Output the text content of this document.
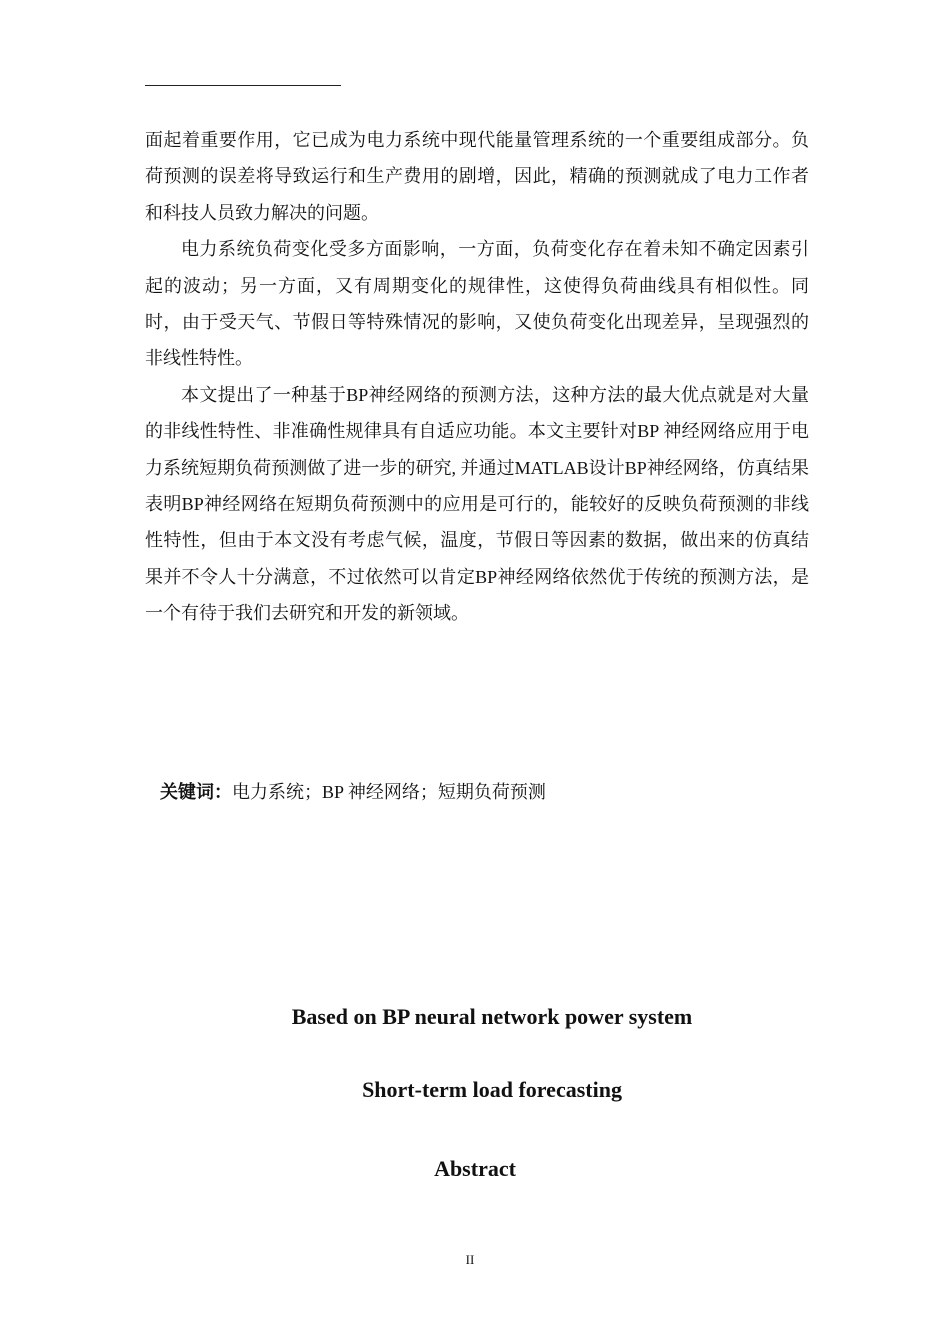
面起着重要作用，它已成为电力系统中现代能量管理系统的一个重要组成部分。负荷预测的误差将导致运行和生产费用的剧增，因此，精确的预测就成了电力工作者和科技人员致力解决的问题。

电力系统负荷变化受多方面影响，一方面，负荷变化存在着未知不确定因素引起的波动；另一方面，又有周期变化的规律性，这使得负荷曲线具有相似性。同时，由于受天气、节假日等特殊情况的影响，又使负荷变化出现差异，呈现强烈的非线性特性。

本文提出了一种基于BP神经网络的预测方法，这种方法的最大优点就是对大量的非线性特性、非准确性规律具有自适应功能。本文主要针对BP 神经网络应用于电力系统短期负荷预测做了进一步的研究, 并通过MATLAB设计BP神经网络，仿真结果表明BP神经网络在短期负荷预测中的应用是可行的，能较好的反映负荷预测的非线性特性，但由于本文没有考虑气候，温度，节假日等因素的数据，做出来的仿真结果并不令人十分满意，不过依然可以肯定BP神经网络依然优于传统的预测方法，是一个有待于我们去研究和开发的新领域。

关键词：电力系统；BP 神经网络；短期负荷预测
Based on BP neural network power system
Short-term load forecasting
Abstract
II
